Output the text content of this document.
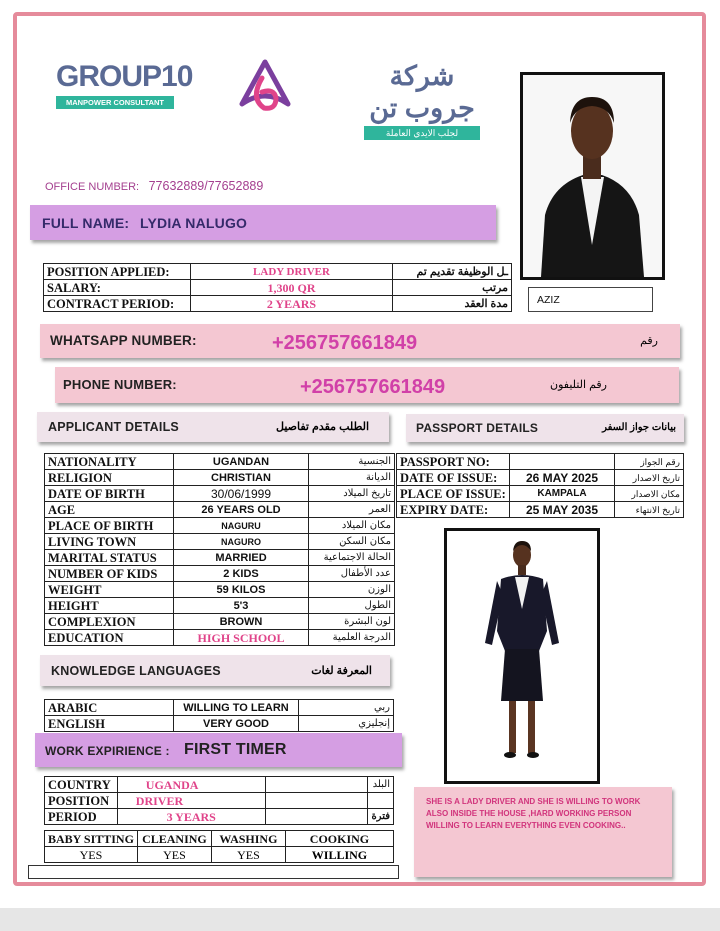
GROUP10
MANPOWER CONSULTANT
شركة جروب تن
لجلب الايدي العاملة
AZIZ
OFFICE NUMBER: 77632889/77652889
FULL NAME: LYDIA NALUGO
POSITION APPLIED:	LADY DRIVER	ـل الوظيفة تقديم تم
SALARY:	1,300 QR	مرتب
CONTRACT PERIOD:	2 YEARS	مدة العقد
WHATSAPP NUMBER:	+256757661849	رقم
PHONE NUMBER:	+256757661849	رقم التليفون
APPLICANT DETAILS	الطلب مقدم تفاصيل	PASSPORT DETAILS	بيانات جواز السفر
NATIONALITY	UGANDAN	الجنسية
RELIGION	CHRISTIAN	الديانة
DATE OF BIRTH	30/06/1999	تاريخ الميلاد
AGE	26 YEARS OLD	العمر
PLACE OF BIRTH	NAGURU	مكان الميلاد
LIVING TOWN	NAGURO	مكان السكن
MARITAL STATUS	MARRIED	الحالة الاجتماعية
NUMBER OF KIDS	2 KIDS	عدد الأطفال
WEIGHT	59 KILOS	الوزن
HEIGHT	5'3	الطول
COMPLEXION	BROWN	لون البشرة
EDUCATION	HIGH SCHOOL	الدرجة العلمية
PASSPORT NO:		رقم الجواز
DATE OF ISSUE:	26 MAY 2025	تاريخ الاصدار
PLACE OF ISSUE:	KAMPALA	مكان الاصدار
EXPIRY DATE:	25 MAY 2035	تاريخ الانتهاء
KNOWLEDGE LANGUAGES	المعرفة لغات
ARABIC	WILLING TO LEARN	ربي
ENGLISH	VERY GOOD	إنجليزي
WORK EXPIRIENCE : FIRST TIMER
COUNTRY	UGANDA		البلد
POSITION	DRIVER		
PERIOD	3 YEARS		فترة
BABY SITTING	CLEANING	WASHING	COOKING
YES	YES	YES	WILLING
SHE IS A LADY DRIVER AND SHE IS WILLING TO WORK ALSO INSIDE THE HOUSE ,HARD WORKING PERSON WILLING TO LEARN EVERYTHING EVEN COOKING..
